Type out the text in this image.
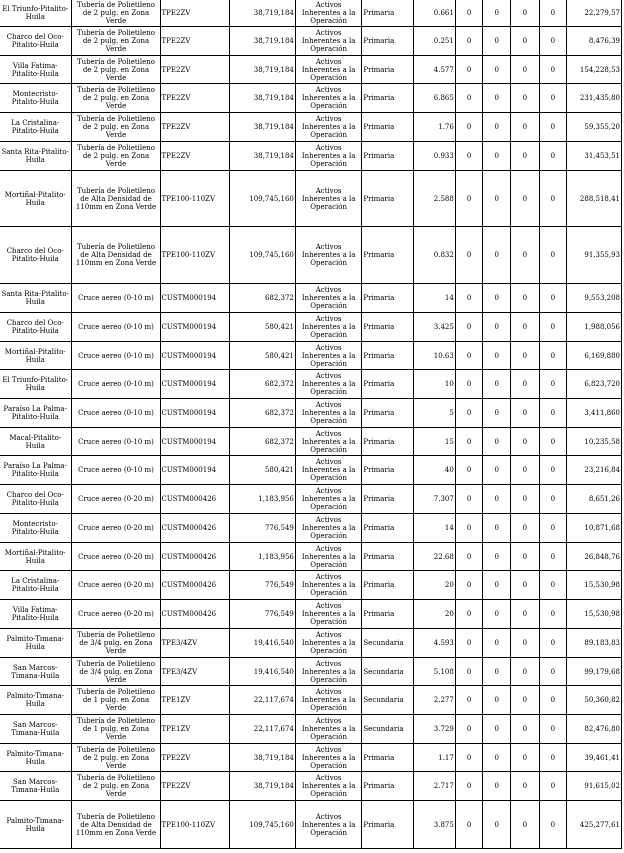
El Triunfo-Pitalito-Huila	Tubería de Polietileno de 2 pulg. en Zona Verde	TPE2ZV	38,719,184	Activos Inherentes a la Operación	Primaria	0.661	0	0	0	0	22,279,57
Charco del Oco-Pitalito-Huila	Tubería de Polietileno de 2 pulg. en Zona Verde	TPE2ZV	38,719,184	Activos Inherentes a la Operación	Primaria	0.251	0	0	0	0	8,476,39
Villa Fatima-Pitalito-Huila	Tubería de Polietileno de 2 pulg. en Zona Verde	TPE2ZV	38,719,184	Activos Inherentes a la Operación	Primaria	4.577	0	0	0	0	154,228,53
Montecristo-Pitalito-Huila	Tubería de Polietileno de 2 pulg. en Zona Verde	TPE2ZV	38,719,184	Activos Inherentes a la Operación	Primaria	6.865	0	0	0	0	231,435,80
La Cristalina-Pitalito-Huila	Tubería de Polietileno de 2 pulg. en Zona Verde	TPE2ZV	38,719,184	Activos Inherentes a la Operación	Primaria	1.76	0	0	0	0	59,355,20
Santa Rita-Pitalito-Huila	Tubería de Polietileno de 2 pulg. en Zona Verde	TPE2ZV	38,719,184	Activos Inherentes a la Operación	Primaria	0.933	0	0	0	0	31,453,51
Mortiñal-Pitalito-Huila	Tubería de Polietileno de Alta Densidad de 110mm en Zona Verde	TPE100-110ZV	109,745,160	Activos Inherentes a la Operación	Primaria	2.588	0	0	0	0	288,518,41
Charco del Oco-Pitalito-Huila	Tubería de Polietileno de Alta Densidad de 110mm en Zona Verde	TPE100-110ZV	109,745,160	Activos Inherentes a la Operación	Primaria	0.832	0	0	0	0	91,355,93
Santa Rita-Pitalito-Huila	Cruce aereo (0-10 m)	CUSTM000194	682,372	Activos Inherentes a la Operación	Primaria	14	0	0	0	0	9,553,208
Charco del Oco-Pitalito-Huila	Cruce aereo (0-10 m)	CUSTM000194	580,421	Activos Inherentes a la Operación	Primaria	3.425	0	0	0	0	1,988,056
Mortiñal-Pitalito-Huila	Cruce aereo (0-10 m)	CUSTM000194	580,421	Activos Inherentes a la Operación	Primaria	10.63	0	0	0	0	6,169,880
El Triunfo-Pitalito-Huila	Cruce aereo (0-10 m)	CUSTM000194	682,372	Activos Inherentes a la Operación	Primaria	10	0	0	0	0	6,823,720
Paraíso La Palma-Pitalito-Huila	Cruce aereo (0-10 m)	CUSTM000194	682,372	Activos Inherentes a la Operación	Primaria	5	0	0	0	0	3,411,860
Macal-Pitalito-Huila	Cruce aereo (0-10 m)	CUSTM000194	682,372	Activos Inherentes a la Operación	Primaria	15	0	0	0	0	10,235,58
Paraíso La Palma-Pitalito-Huila	Cruce aereo (0-10 m)	CUSTM000194	580,421	Activos Inherentes a la Operación	Primaria	40	0	0	0	0	23,216,84
Charco del Oco-Pitalito-Huila	Cruce aereo (0-20 m)	CUSTM000426	1,183,956	Activos Inherentes a la Operación	Primaria	7.307	0	0	0	0	8,651,26
Montecristo-Pitalito-Huila	Cruce aereo (0-20 m)	CUSTM000426	776,549	Activos Inherentes a la Operación	Primaria	14	0	0	0	0	10,871,68
Mortiñal-Pitalito-Huila	Cruce aereo (0-20 m)	CUSTM000426	1,183,956	Activos Inherentes a la Operación	Primaria	22.68	0	0	0	0	26,848,76
La Cristalina-Pitalito-Huila	Cruce aereo (0-20 m)	CUSTM000426	776,549	Activos Inherentes a la Operación	Primaria	20	0	0	0	0	15,530,98
Villa Fatima-Pitalito-Huila	Cruce aereo (0-20 m)	CUSTM000426	776,549	Activos Inherentes a la Operación	Primaria	20	0	0	0	0	15,530,98
Palmito-Timana-Huila	Tubería de Polietileno de 3/4 pulg. en Zona Verde	TPE3/4ZV	19,416,540	Activos Inherentes a la Operación	Secundaria	4.593	0	0	0	0	89,183,83
San Marcos-Timana-Huila	Tubería de Polietileno de 3/4 pulg. en Zona Verde	TPE3/4ZV	19,416,540	Activos Inherentes a la Operación	Secundaria	5.108	0	0	0	0	99,179,68
Palmito-Timana-Huila	Tubería de Polietileno de 1 pulg. en Zona Verde	TPE1ZV	22,117,674	Activos Inherentes a la Operación	Secundaria	2.277	0	0	0	0	50,360,82
San Marcos-Timana-Huila	Tubería de Polietileno de 1 pulg. en Zona Verde	TPE1ZV	22,117,674	Activos Inherentes a la Operación	Secundaria	3.729	0	0	0	0	82,476,80
Palmito-Timana-Huila	Tubería de Polietileno de 2 pulg. en Zona Verde	TPE2ZV	38,719,184	Activos Inherentes a la Operación	Primaria	1.17	0	0	0	0	39,461,41
San Marcos-Timana-Huila	Tubería de Polietileno de 2 pulg. en Zona Verde	TPE2ZV	38,719,184	Activos Inherentes a la Operación	Primaria	2.717	0	0	0	0	91,615,02
Palmito-Timana-Huila	Tubería de Polietileno de Alta Densidad de 110mm en Zona Verde	TPE100-110ZV	109,745,160	Activos Inherentes a la Operación	Primaria	3.875	0	0	0	0	425,277,61
